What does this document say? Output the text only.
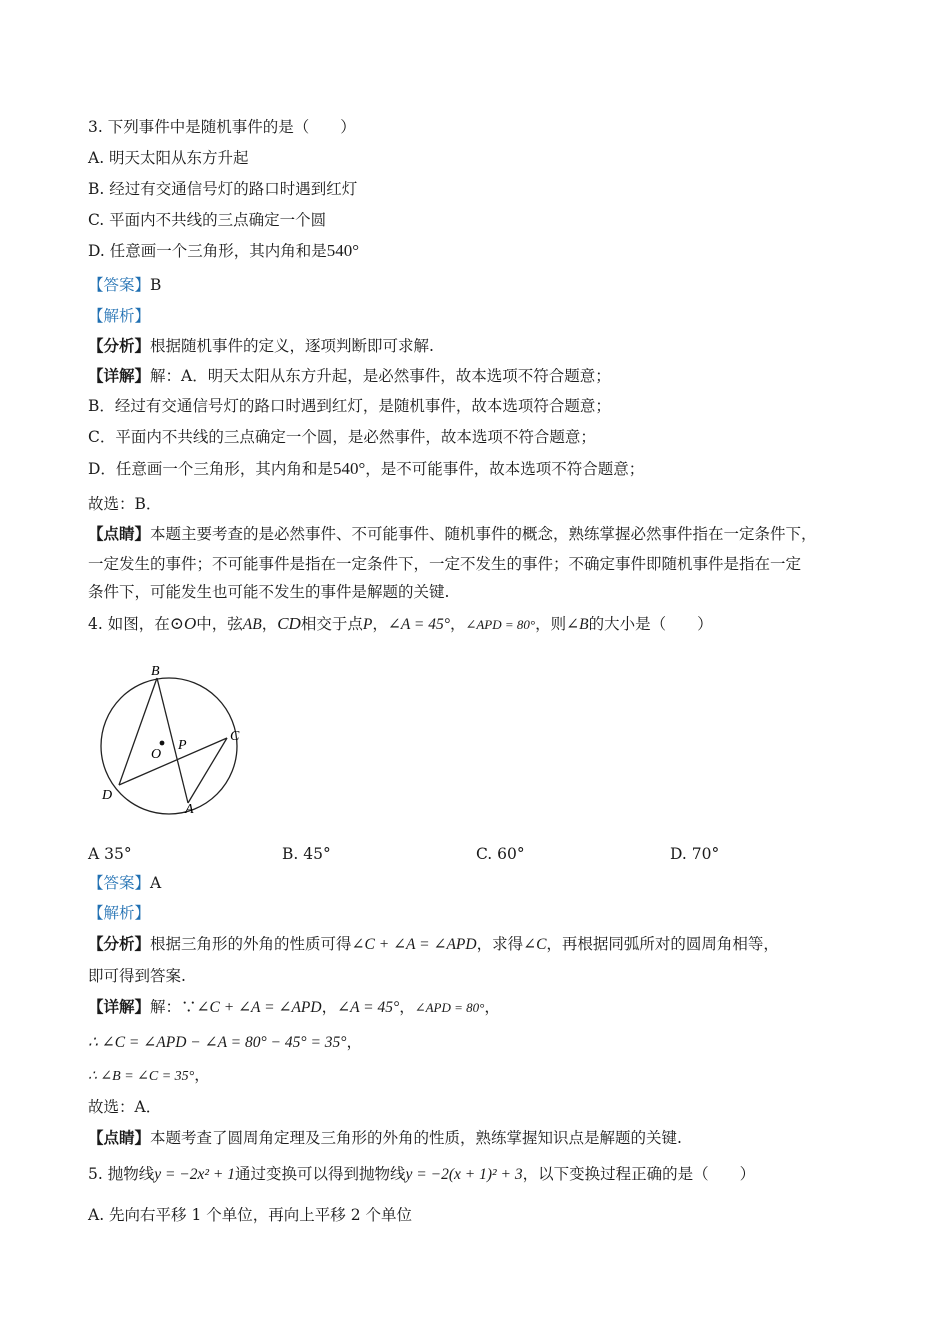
3. 下列事件中是随机事件的是（　　）
A. 明天太阳从东方升起
B. 经过有交通信号灯的路口时遇到红灯
C. 平面内不共线的三点确定一个圆
D. 任意画一个三角形，其内角和是540°
【答案】B
【解析】
【分析】根据随机事件的定义，逐项判断即可求解.
【详解】解：A．明天太阳从东方升起，是必然事件，故本选项不符合题意；
B．经过有交通信号灯的路口时遇到红灯，是随机事件，故本选项符合题意；
C．平面内不共线的三点确定一个圆，是必然事件，故本选项不符合题意；
D．任意画一个三角形，其内角和是540°，是不可能事件，故本选项不符合题意；
故选：B．
【点睛】本题主要考查的是必然事件、不可能事件、随机事件的概念，熟练掌握必然事件指在一定条件下，
一定发生的事件；不可能事件是指在一定条件下，一定不发生的事件；不确定事件即随机事件是指在一定
条件下，可能发生也可能不发生的事件是解题的关键.
4. 如图，在⊙O中，弦AB，CD相交于点P，∠A = 45°，∠APD = 80°，则∠B的大小是（　　）
B
C
D
A
O
P
A 35°	B. 45°	C. 60°	D. 70°
【答案】A
【解析】
【分析】根据三角形的外角的性质可得∠C + ∠A = ∠APD，求得∠C，再根据同弧所对的圆周角相等，
即可得到答案.
【详解】解：∵∠C + ∠A = ∠APD，∠A = 45°，∠APD = 80°，
∴ ∠C = ∠APD − ∠A = 80° − 45° = 35°，
∴ ∠B = ∠C = 35°，
故选：A．
【点睛】本题考查了圆周角定理及三角形的外角的性质，熟练掌握知识点是解题的关键.
5. 抛物线y = −2x² + 1通过变换可以得到抛物线y = −2(x + 1)² + 3，以下变换过程正确的是（　　）
A. 先向右平移 1 个单位，再向上平移 2 个单位
